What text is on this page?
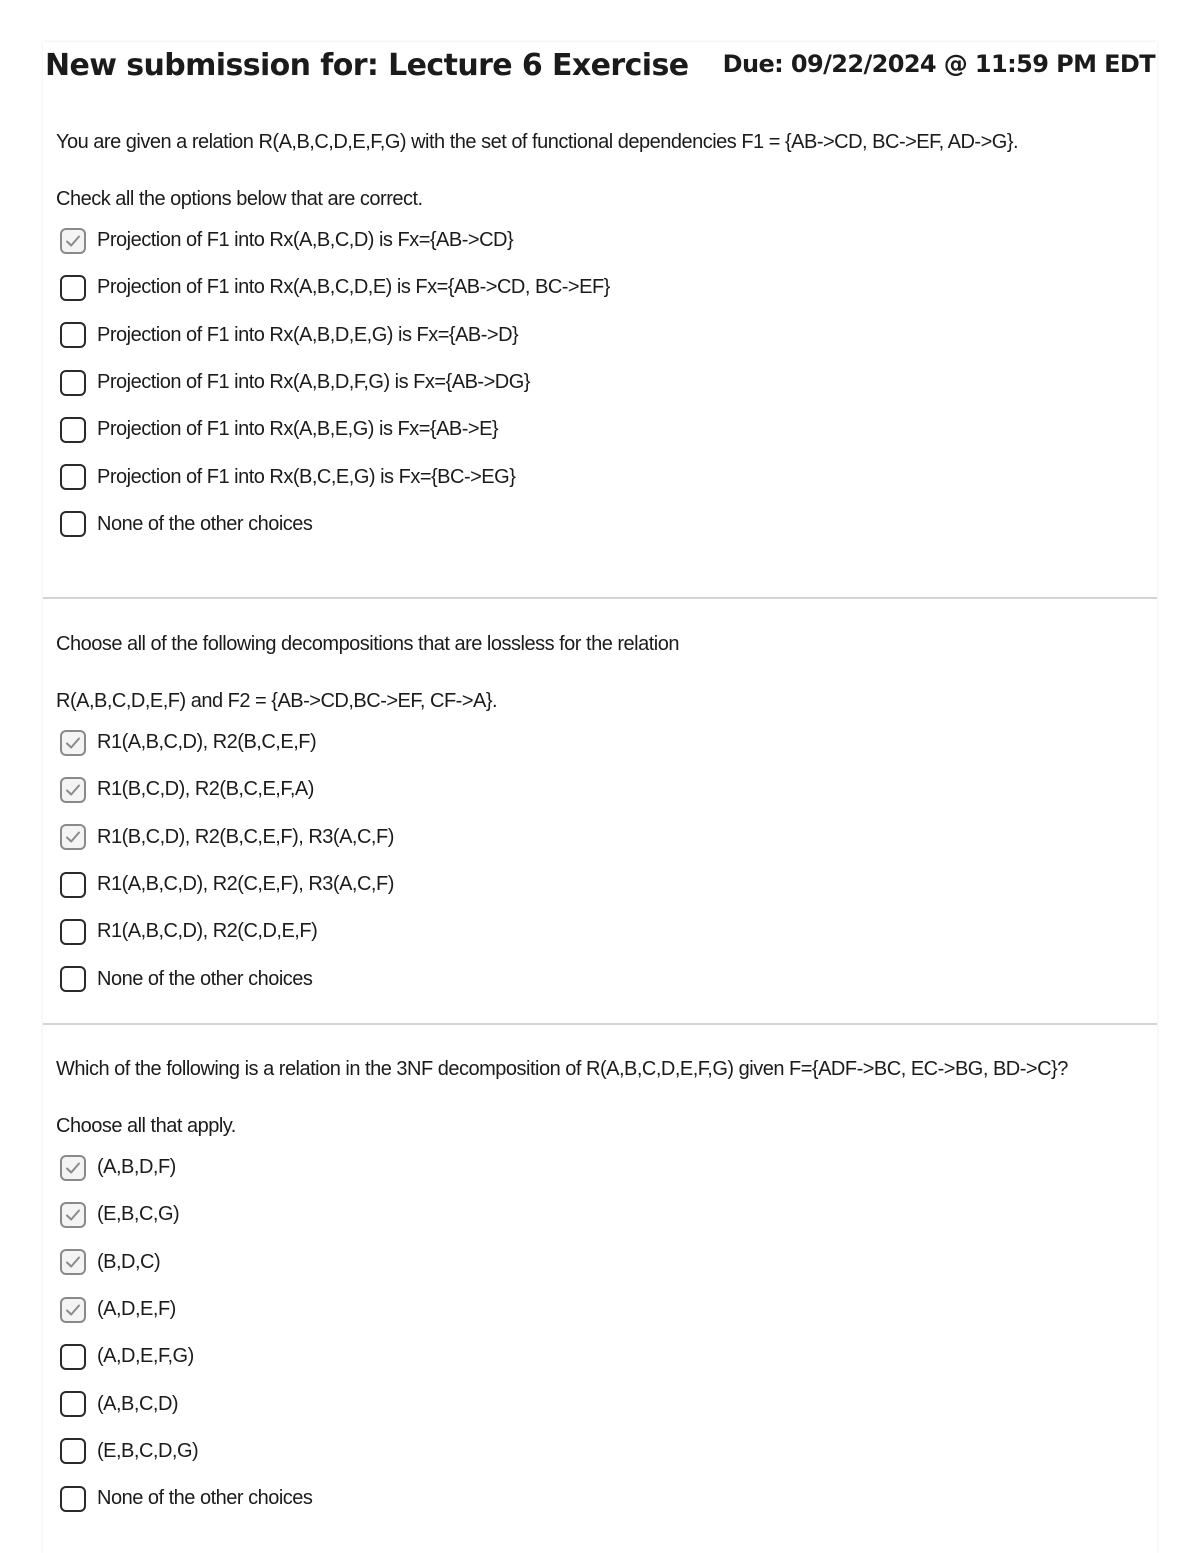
New submission for: Lecture 6 Exercise Due: 09/22/2024 @ 11:59 PM EDT
You are given a relation R(A,B,C,D,E,F,G) with the set of functional dependencies F1 = {AB->CD, BC->EF, AD->G}.
Check all the options below that are correct.
Projection of F1 into Rx(A,B,C,D) is Fx={AB->CD}
Projection of F1 into Rx(A,B,C,D,E) is Fx={AB->CD, BC->EF}
Projection of F1 into Rx(A,B,D,E,G) is Fx={AB->D}
Projection of F1 into Rx(A,B,D,F,G) is Fx={AB->DG}
Projection of F1 into Rx(A,B,E,G) is Fx={AB->E}
Projection of F1 into Rx(B,C,E,G) is Fx={BC->EG}
None of the other choices
Choose all of the following decompositions that are lossless for the relation
R(A,B,C,D,E,F) and F2 = {AB->CD,BC->EF, CF->A}.
R1(A,B,C,D), R2(B,C,E,F)
R1(B,C,D), R2(B,C,E,F,A)
R1(B,C,D), R2(B,C,E,F), R3(A,C,F)
R1(A,B,C,D), R2(C,E,F), R3(A,C,F)
R1(A,B,C,D), R2(C,D,E,F)
None of the other choices
Which of the following is a relation in the 3NF decomposition of R(A,B,C,D,E,F,G) given F={ADF->BC, EC->BG, BD->C}?
Choose all that apply.
(A,B,D,F)
(E,B,C,G)
(B,D,C)
(A,D,E,F)
(A,D,E,F,G)
(A,B,C,D)
(E,B,C,D,G)
None of the other choices
